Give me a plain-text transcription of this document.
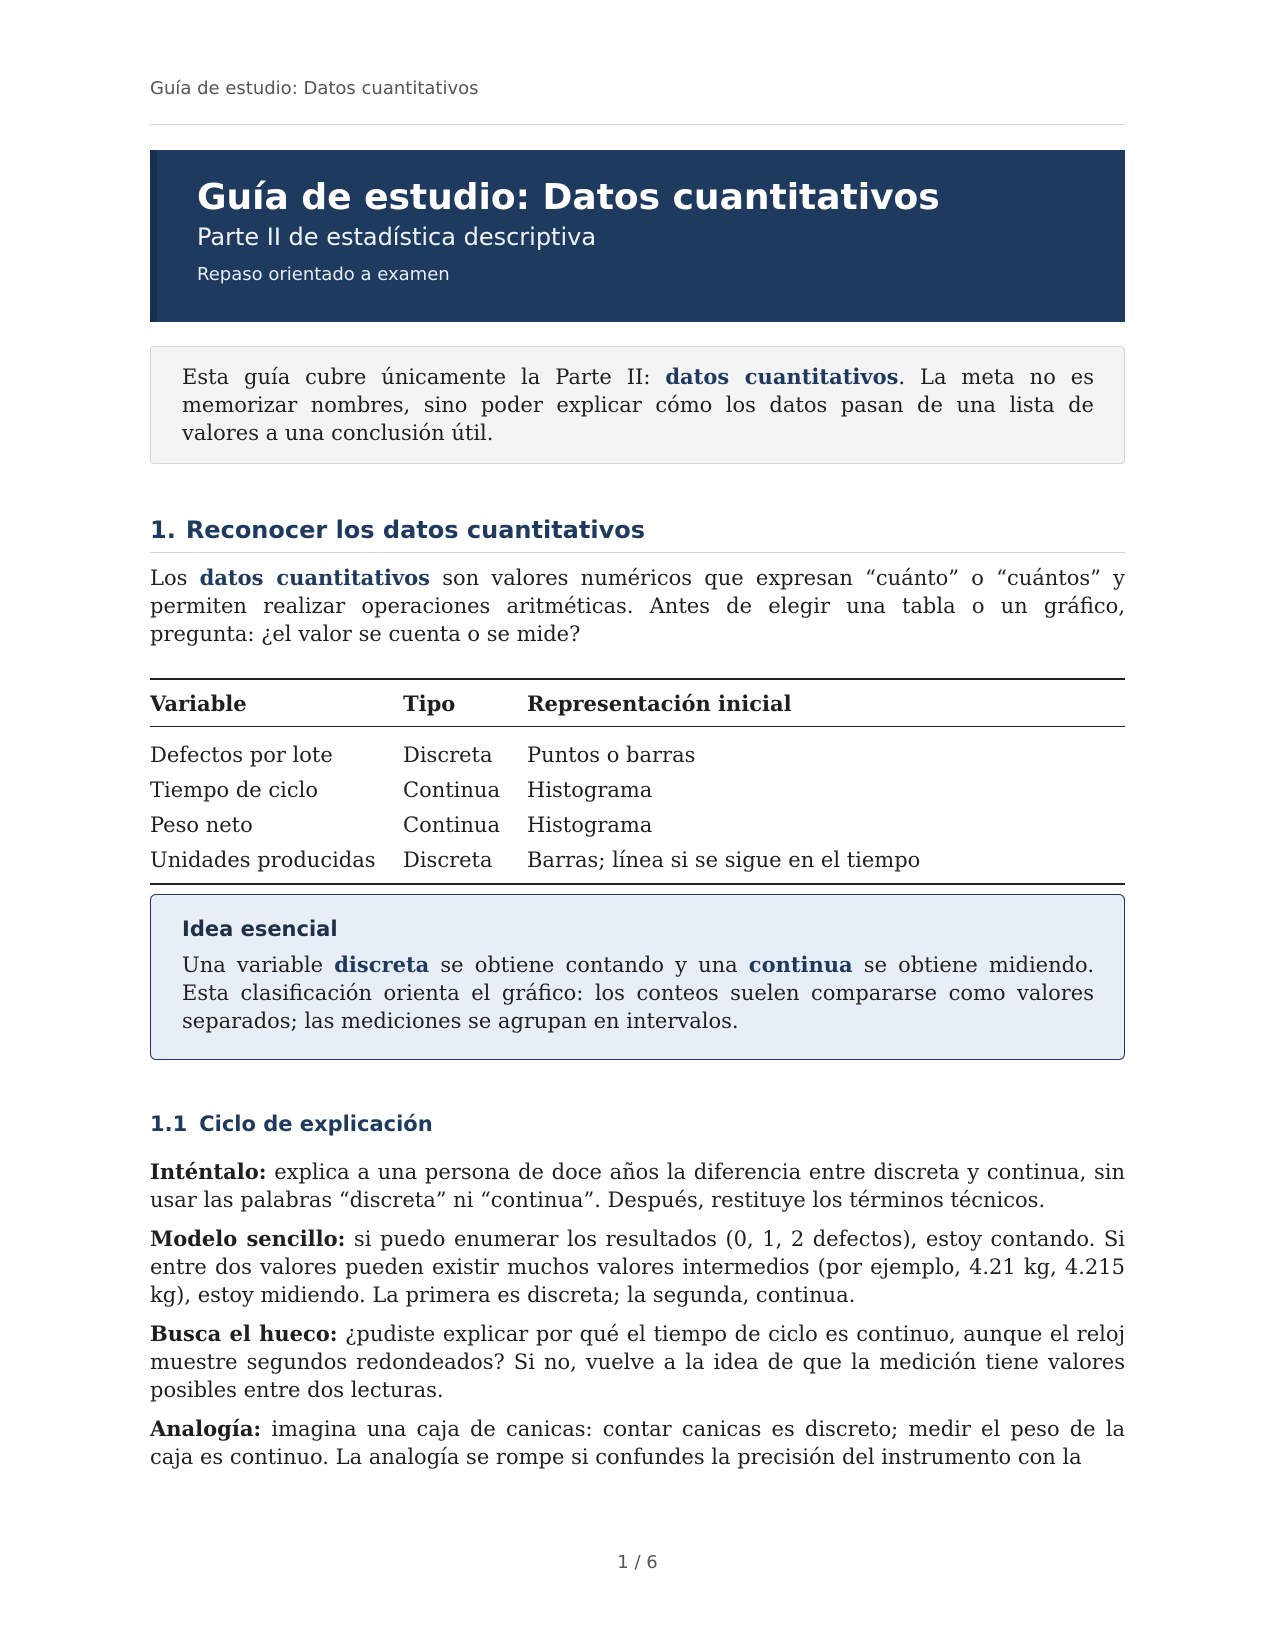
Guía de estudio: Datos cuantitativos
Guía de estudio: Datos cuantitativos
Parte II de estadística descriptiva
Repaso orientado a examen
Esta guía cubre únicamente la Parte II: datos cuantitativos. La meta no es memorizar nombres, sino poder explicar cómo los datos pasan de una lista de valores a una conclusión útil.
1. Reconocer los datos cuantitativos
Los datos cuantitativos son valores numéricos que expresan “cuánto” o “cuántos” y permiten realizar operaciones aritméticas. Antes de elegir una tabla o un gráfico, pregunta: ¿el valor se cuenta o se mide?
Variable	Tipo	Representación inicial
Defectos por lote	Discreta	Puntos o barras
Tiempo de ciclo	Continua	Histograma
Peso neto	Continua	Histograma
Unidades producidas	Discreta	Barras; línea si se sigue en el tiempo
Idea esencial
Una variable discreta se obtiene contando y una continua se obtiene midiendo. Esta clasificación orienta el gráfico: los conteos suelen compararse como valores separados; las mediciones se agrupan en intervalos.
1.1 Ciclo de explicación
Inténtalo: explica a una persona de doce años la diferencia entre discreta y continua, sin usar las palabras “discreta” ni “continua”. Después, restituye los términos técnicos.
Modelo sencillo: si puedo enumerar los resultados (0, 1, 2 defectos), estoy contando. Si entre dos valores pueden existir muchos valores intermedios (por ejemplo, 4.21 kg, 4.215 kg), estoy midiendo. La primera es discreta; la segunda, continua.
Busca el hueco: ¿pudiste explicar por qué el tiempo de ciclo es continuo, aunque el reloj muestre segundos redondeados? Si no, vuelve a la idea de que la medición tiene valores posibles entre dos lecturas.
Analogía: imagina una caja de canicas: contar canicas es discreto; medir el peso de la caja es continuo. La analogía se rompe si confundes la precisión del instrumento con la
1 / 6
